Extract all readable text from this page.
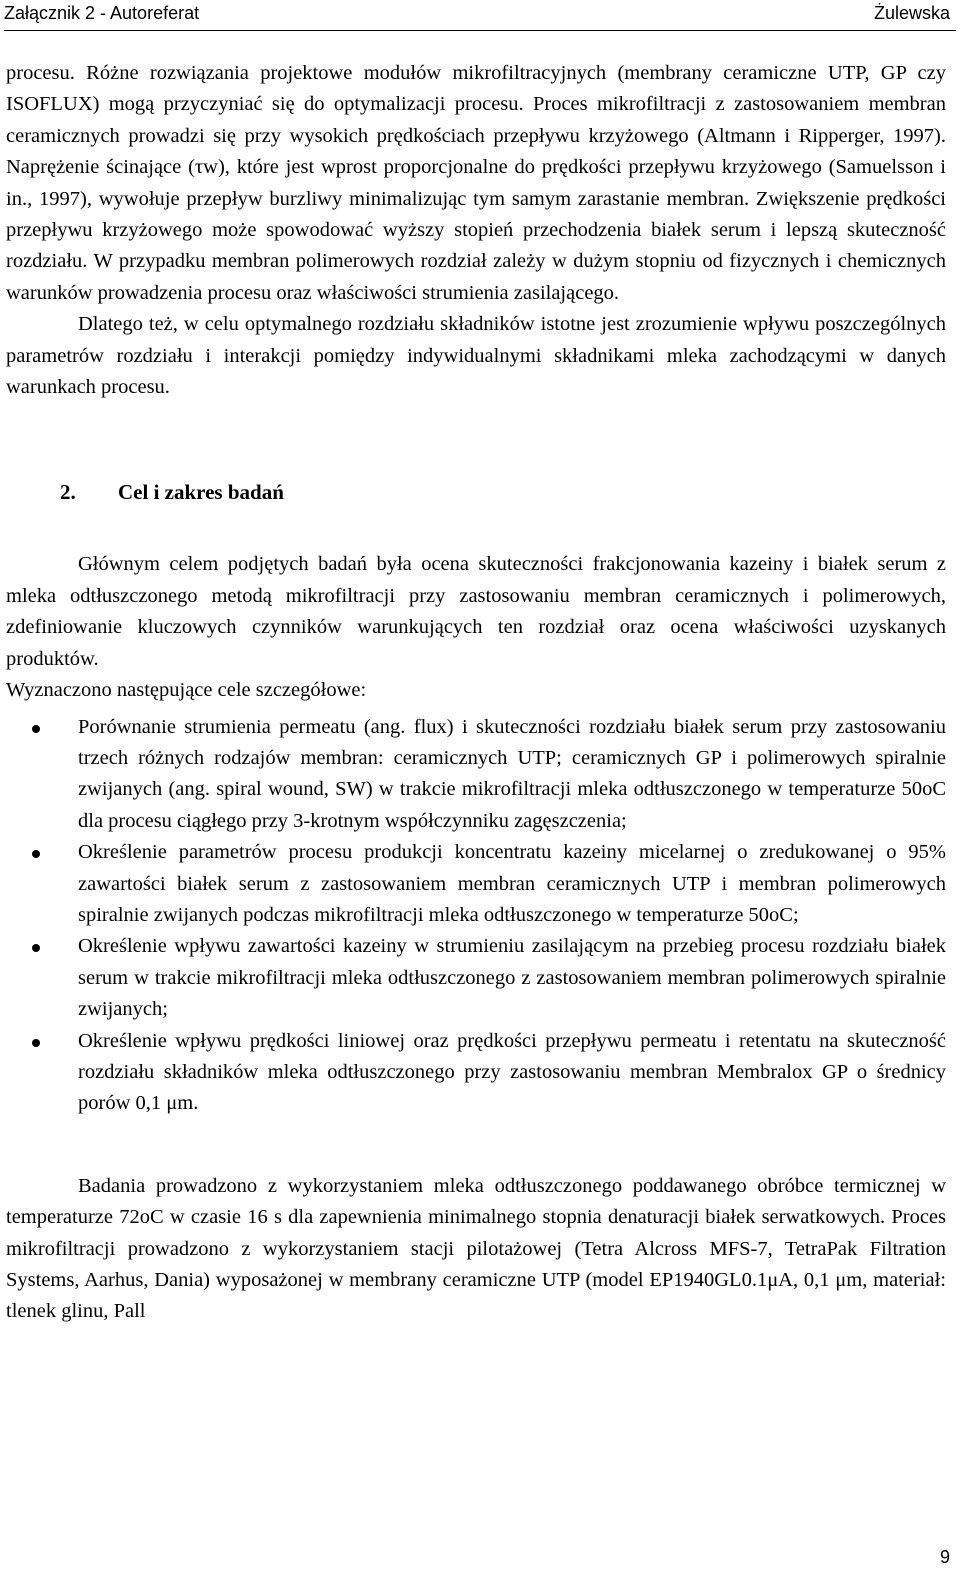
Załącznik 2 - Autoreferat	Żulewska

procesu. Różne rozwiązania projektowe modułów mikrofiltracyjnych (membrany ceramiczne UTP, GP czy ISOFLUX) mogą przyczyniać się do optymalizacji procesu. Proces mikrofiltracji z zastosowaniem membran ceramicznych prowadzi się przy wysokich prędkościach przepływu krzyżowego (Altmann i Ripperger, 1997). Naprężenie ścinające (τw), które jest wprost proporcjonalne do prędkości przepływu krzyżowego (Samuelsson i in., 1997), wywołuje przepływ burzliwy minimalizując tym samym zarastanie membran. Zwiększenie prędkości przepływu krzyżowego może spowodować wyższy stopień przechodzenia białek serum i lepszą skuteczność rozdziału. W przypadku membran polimerowych rozdział zależy w dużym stopniu od fizycznych i chemicznych warunków prowadzenia procesu oraz właściwości strumienia zasilającego.

Dlatego też, w celu optymalnego rozdziału składników istotne jest zrozumienie wpływu poszczególnych parametrów rozdziału i interakcji pomiędzy indywidualnymi składnikami mleka zachodzącymi w danych warunkach procesu.

2. Cel i zakres badań

Głównym celem podjętych badań była ocena skuteczności frakcjonowania kazeiny i białek serum z mleka odtłuszczonego metodą mikrofiltracji przy zastosowaniu membran ceramicznych i polimerowych, zdefiniowanie kluczowych czynników warunkujących ten rozdział oraz ocena właściwości uzyskanych produktów.

Wyznaczono następujące cele szczegółowe:

Porównanie strumienia permeatu (ang. flux) i skuteczności rozdziału białek serum przy zastosowaniu trzech różnych rodzajów membran: ceramicznych UTP; ceramicznych GP i polimerowych spiralnie zwijanych (ang. spiral wound, SW) w trakcie mikrofiltracji mleka odtłuszczonego w temperaturze 50oC dla procesu ciągłego przy 3-krotnym współczynniku zagęszczenia;
Określenie parametrów procesu produkcji koncentratu kazeiny micelarnej o zredukowanej o 95% zawartości białek serum z zastosowaniem membran ceramicznych UTP i membran polimerowych spiralnie zwijanych podczas mikrofiltracji mleka odtłuszczonego w temperaturze 50oC;
Określenie wpływu zawartości kazeiny w strumieniu zasilającym na przebieg procesu rozdziału białek serum w trakcie mikrofiltracji mleka odtłuszczonego z zastosowaniem membran polimerowych spiralnie zwijanych;
Określenie wpływu prędkości liniowej oraz prędkości przepływu permeatu i retentatu na skuteczność rozdziału składników mleka odtłuszczonego przy zastosowaniu membran Membralox GP o średnicy porów 0,1 μm.

Badania prowadzono z wykorzystaniem mleka odtłuszczonego poddawanego obróbce termicznej w temperaturze 72oC w czasie 16 s dla zapewnienia minimalnego stopnia denaturacji białek serwatkowych. Proces mikrofiltracji prowadzono z wykorzystaniem stacji pilotażowej (Tetra Alcross MFS-7, TetraPak Filtration Systems, Aarhus, Dania) wyposażonej w membrany ceramiczne UTP (model EP1940GL0.1μA, 0,1 μm, materiał: tlenek glinu, Pall

9
